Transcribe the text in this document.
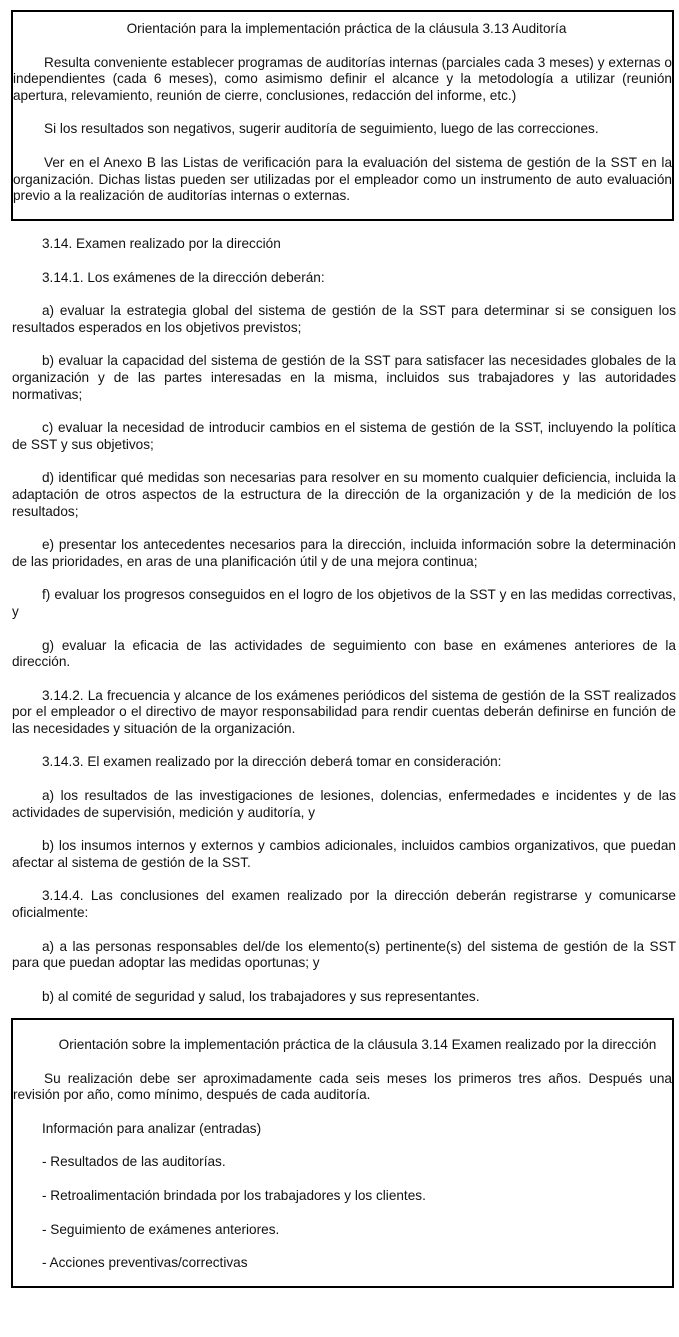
Orientación para la implementación práctica de la cláusula 3.13 Auditoría

Resulta conveniente establecer programas de auditorías internas (parciales cada 3 meses) y externas o independientes (cada 6 meses), como asimismo definir el alcance y la metodología a utilizar (reunión apertura, relevamiento, reunión de cierre, conclusiones, redacción del informe, etc.)

Si los resultados son negativos, sugerir auditoría de seguimiento, luego de las correcciones.

Ver en el Anexo B las Listas de verificación para la evaluación del sistema de gestión de la SST en la organización. Dichas listas pueden ser utilizadas por el empleador como un instrumento de auto evaluación previo a la realización de auditorías internas o externas.

3.14. Examen realizado por la dirección

3.14.1. Los exámenes de la dirección deberán:

a) evaluar la estrategia global del sistema de gestión de la SST para determinar si se consiguen los resultados esperados en los objetivos previstos;

b) evaluar la capacidad del sistema de gestión de la SST para satisfacer las necesidades globales de la organización y de las partes interesadas en la misma, incluidos sus trabajadores y las autoridades normativas;

c) evaluar la necesidad de introducir cambios en el sistema de gestión de la SST, incluyendo la política de SST y sus objetivos;

d) identificar qué medidas son necesarias para resolver en su momento cualquier deficiencia, incluida la adaptación de otros aspectos de la estructura de la dirección de la organización y de la medición de los resultados;

e) presentar los antecedentes necesarios para la dirección, incluida información sobre la determinación de las prioridades, en aras de una planificación útil y de una mejora continua;

f) evaluar los progresos conseguidos en el logro de los objetivos de la SST y en las medidas correctivas, y

g) evaluar la eficacia de las actividades de seguimiento con base en exámenes anteriores de la dirección.

3.14.2. La frecuencia y alcance de los exámenes periódicos del sistema de gestión de la SST realizados por el empleador o el directivo de mayor responsabilidad para rendir cuentas deberán definirse en función de las necesidades y situación de la organización.

3.14.3. El examen realizado por la dirección deberá tomar en consideración:

a) los resultados de las investigaciones de lesiones, dolencias, enfermedades e incidentes y de las actividades de supervisión, medición y auditoría, y

b) los insumos internos y externos y cambios adicionales, incluidos cambios organizativos, que puedan afectar al sistema de gestión de la SST.

3.14.4. Las conclusiones del examen realizado por la dirección deberán registrarse y comunicarse oficialmente:

a) a las personas responsables del/de los elemento(s) pertinente(s) del sistema de gestión de la SST para que puedan adoptar las medidas oportunas; y

b) al comité de seguridad y salud, los trabajadores y sus representantes.

Orientación sobre la implementación práctica de la cláusula 3.14 Examen realizado por la dirección

Su realización debe ser aproximadamente cada seis meses los primeros tres años. Después una revisión por año, como mínimo, después de cada auditoría.

Información para analizar (entradas)

- Resultados de las auditorías.

- Retroalimentación brindada por los trabajadores y los clientes.

- Seguimiento de exámenes anteriores.

- Acciones preventivas/correctivas
